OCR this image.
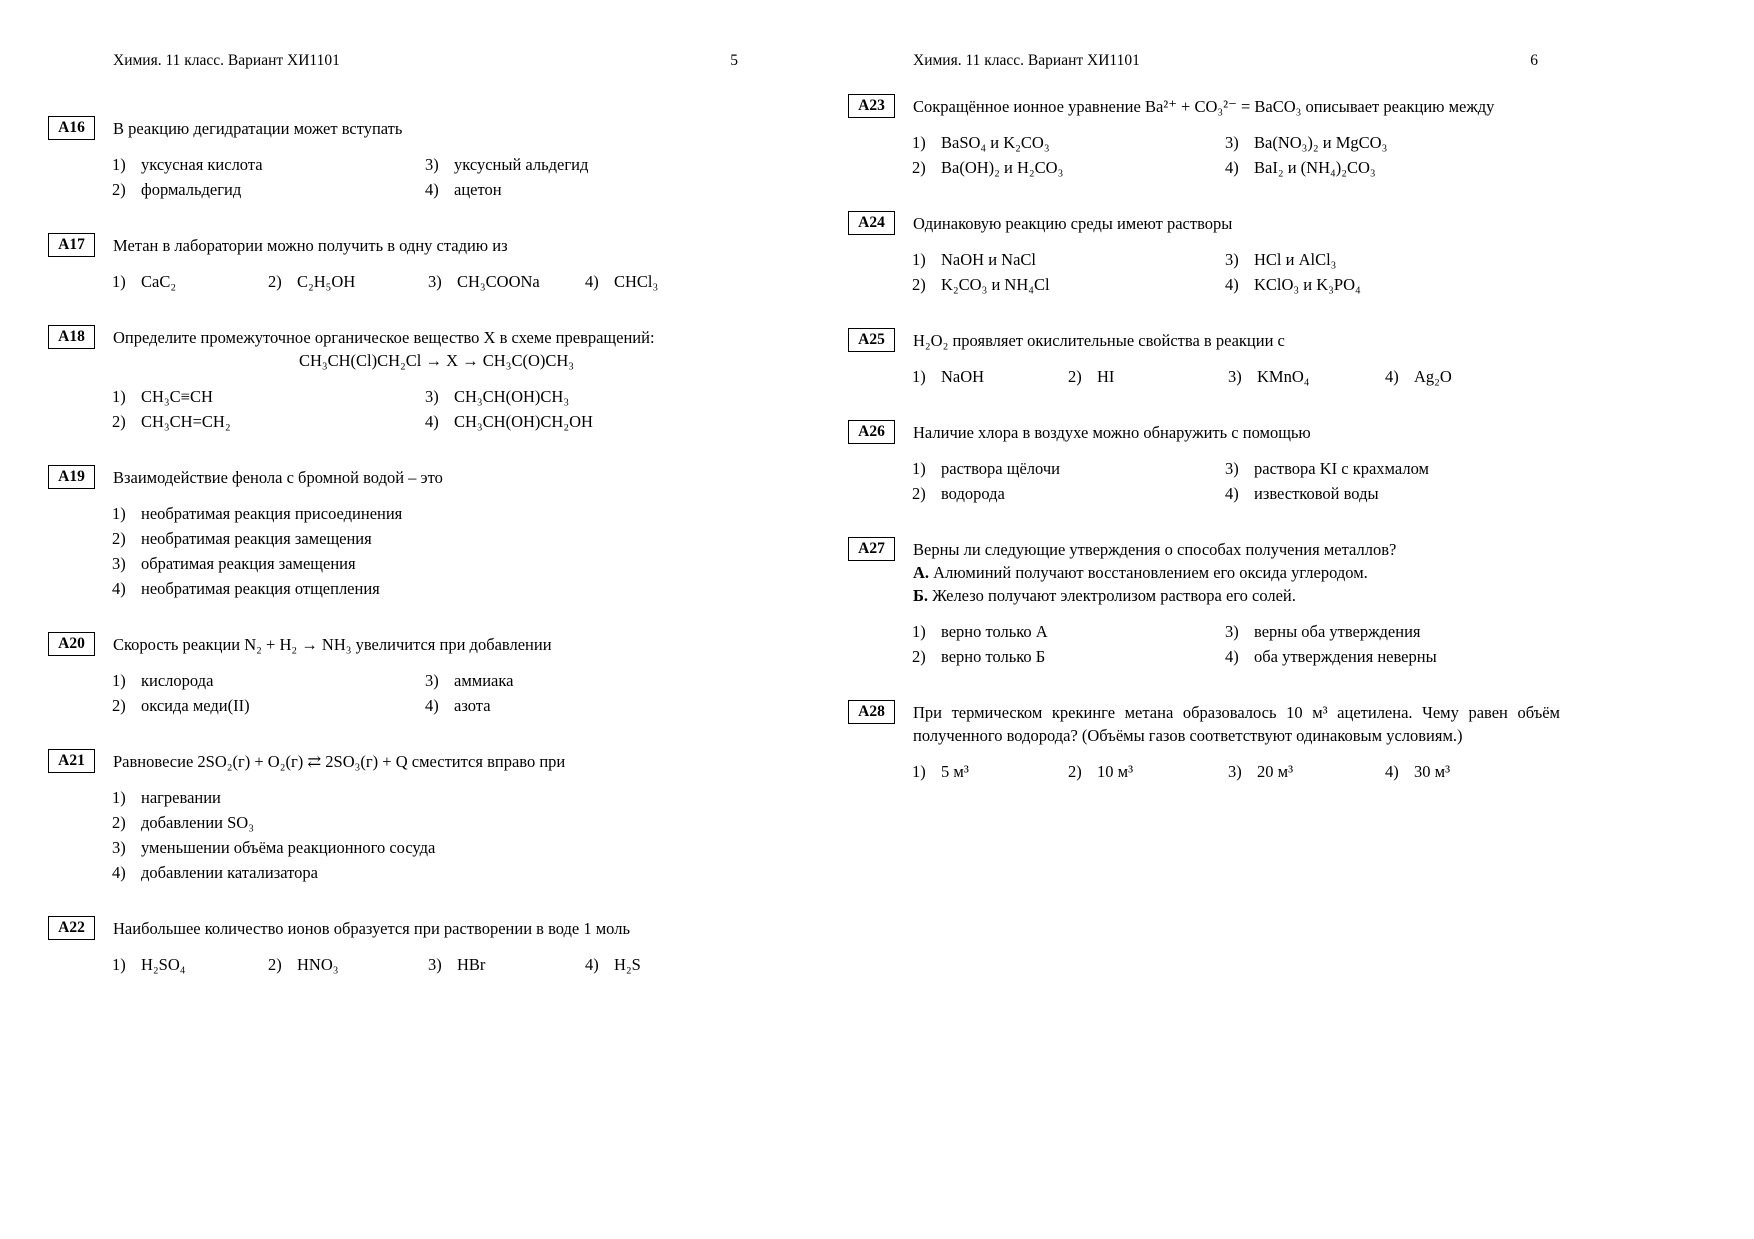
Химия. 11 класс. Вариант ХИ1101	5
А16	В реакцию дегидратации может вступать
1) уксусная кислота
2) формальдегид
3) уксусный альдегид
4) ацетон
А17	Метан в лаборатории можно получить в одну стадию из
1) CaC₂	2) C₂H₅OH	3) CH₃COONa	4) CHCl₃
А18	Определите промежуточное органическое вещество X в схеме превращений:
CH₃CH(Cl)CH₂Cl → X → CH₃C(O)CH₃
1) CH₃C≡CH
2) CH₃CH=CH₂
3) CH₃CH(OH)CH₃
4) CH₃CH(OH)CH₂OH
А19	Взаимодействие фенола с бромной водой – это
1) необратимая реакция присоединения
2) необратимая реакция замещения
3) обратимая реакция замещения
4) необратимая реакция отщепления
А20	Скорость реакции N₂ + H₂ → NH₃ увеличится при добавлении
1) кислорода
2) оксида меди(II)
3) аммиака
4) азота
А21	Равновесие 2SO₂(г) + O₂(г) ⇄ 2SO₃(г) + Q сместится вправо при
1) нагревании
2) добавлении SO₃
3) уменьшении объёма реакционного сосуда
4) добавлении катализатора
А22	Наибольшее количество ионов образуется при растворении в воде 1 моль
1) H₂SO₄	2) HNO₃	3) HBr	4) H₂S
Химия. 11 класс. Вариант ХИ1101	6
А23	Сокращённое ионное уравнение Ba²⁺ + CO₃²⁻ = BaCO₃ описывает реакцию между
1) BaSO₄ и K₂CO₃
2) Ba(OH)₂ и H₂CO₃
3) Ba(NO₃)₂ и MgCO₃
4) BaI₂ и (NH₄)₂CO₃
А24	Одинаковую реакцию среды имеют растворы
1) NaOH и NaCl
2) K₂CO₃ и NH₄Cl
3) HCl и AlCl₃
4) KClO₃ и K₃PO₄
А25	H₂O₂ проявляет окислительные свойства в реакции с
1) NaOH	2) HI	3) KMnO₄	4) Ag₂O
А26	Наличие хлора в воздухе можно обнаружить с помощью
1) раствора щёлочи
2) водорода
3) раствора KI с крахмалом
4) известковой воды
А27	Верны ли следующие утверждения о способах получения металлов?
А. Алюминий получают восстановлением его оксида углеродом.
Б. Железо получают электролизом раствора его солей.
1) верно только А
2) верно только Б
3) верны оба утверждения
4) оба утверждения неверны
А28	При термическом крекинге метана образовалось 10 м³ ацетилена. Чему равен объём полученного водорода? (Объёмы газов соответствуют одинаковым условиям.)
1) 5 м³	2) 10 м³	3) 20 м³	4) 30 м³
